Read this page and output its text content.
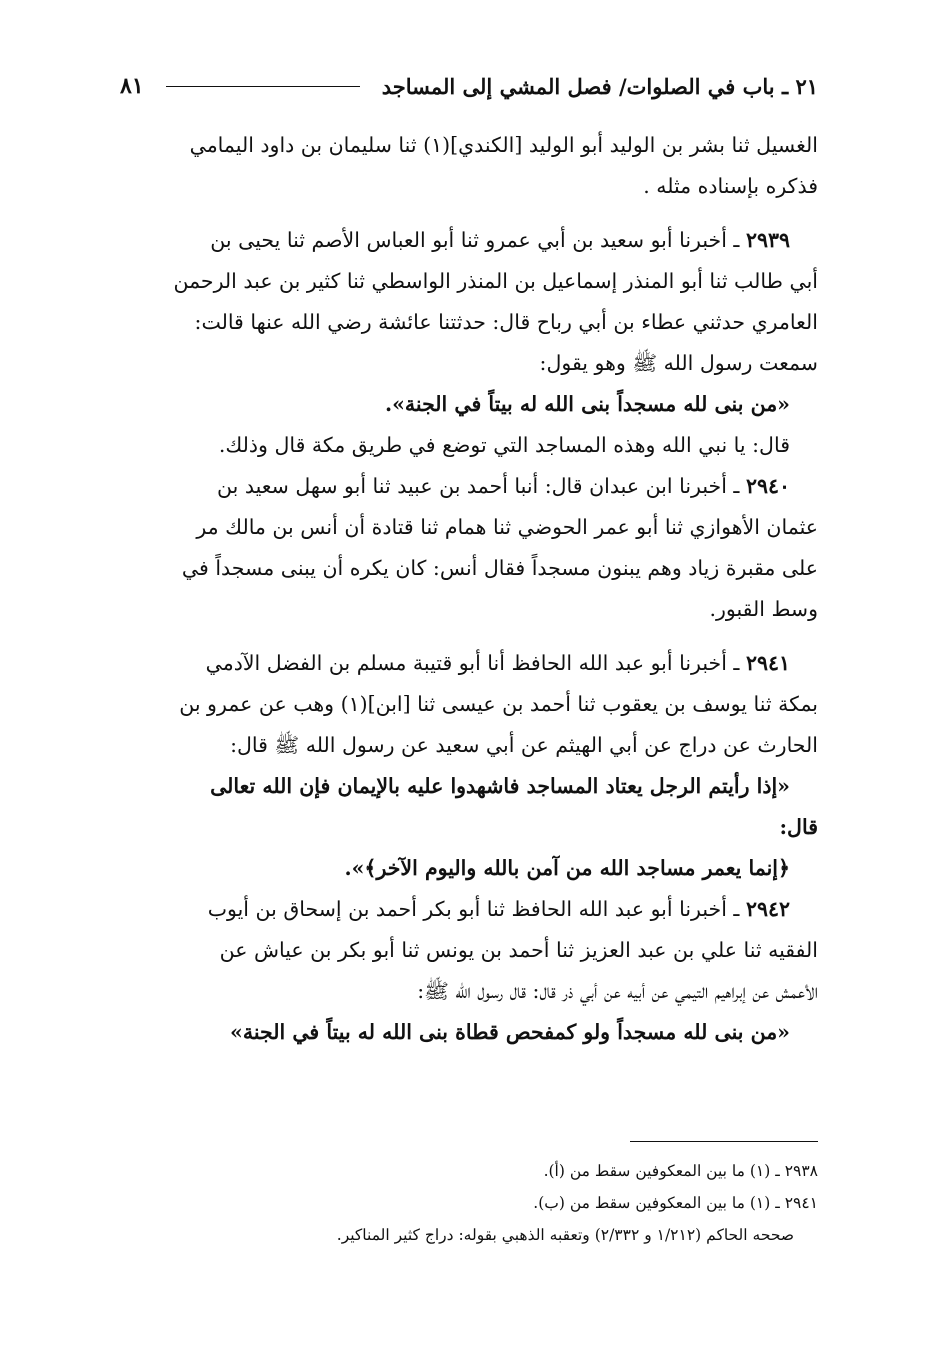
٢١ ـ باب في الصلوات/ فصل المشي إلى المساجد
٨١
الغسيل ثنا بشر بن الوليد أبو الوليد [الكندي](١) ثنا سليمان بن داود اليمامي
فذكره بإسناده مثله .
٢٩٣٩ ـ أخبرنا أبو سعيد بن أبي عمرو ثنا أبو العباس الأصم ثنا يحيى بن
أبي طالب ثنا أبو المنذر إسماعيل بن المنذر الواسطي ثنا كثير بن عبد الرحمن
العامري حدثني عطاء بن أبي رباح قال: حدثتنا عائشة رضي الله عنها قالت:
سمعت رسول الله ﷺ وهو يقول:
«من بنى لله مسجداً بنى الله له بيتاً في الجنة».
قال: يا نبي الله وهذه المساجد التي توضع في طريق مكة قال وذلك.
٢٩٤٠ ـ أخبرنا ابن عبدان قال: أنبا أحمد بن عبيد ثنا أبو سهل سعيد بن
عثمان الأهوازي ثنا أبو عمر الحوضي ثنا همام ثنا قتادة أن أنس بن مالك مر
على مقبرة زياد وهم يبنون مسجداً فقال أنس: كان يكره أن يبنى مسجداً في
وسط القبور.
٢٩٤١ ـ أخبرنا أبو عبد الله الحافظ أنا أبو قتيبة مسلم بن الفضل الآدمي
بمكة ثنا يوسف بن يعقوب ثنا أحمد بن عيسى ثنا [ابن](١) وهب عن عمرو بن
الحارث عن دراج عن أبي الهيثم عن أبي سعيد عن رسول الله ﷺ قال:
«إذا رأيتم الرجل يعتاد المساجد فاشهدوا عليه بالإيمان فإن الله تعالى
قال:
﴿إنما يعمر مساجد الله من آمن بالله واليوم الآخر﴾».
٢٩٤٢ ـ أخبرنا أبو عبد الله الحافظ ثنا أبو بكر أحمد بن إسحاق بن أيوب
الفقيه ثنا علي بن عبد العزيز ثنا أحمد بن يونس ثنا أبو بكر بن عياش عن
الأعمش عن إبراهيم التيمي عن أبيه عن أبي ذر قال: قال رسول الله ﷺ:
«من بنى لله مسجداً ولو كمفحص قطاة بنى الله له بيتاً في الجنة»
٢٩٣٨ ـ (١) ما بين المعكوفين سقط من (أ).
٢٩٤١ ـ (١) ما بين المعكوفين سقط من (ب).
صححه الحاكم (١/٢١٢ و ٢/٣٣٢) وتعقبه الذهبي بقوله: دراج كثير المناكير.
